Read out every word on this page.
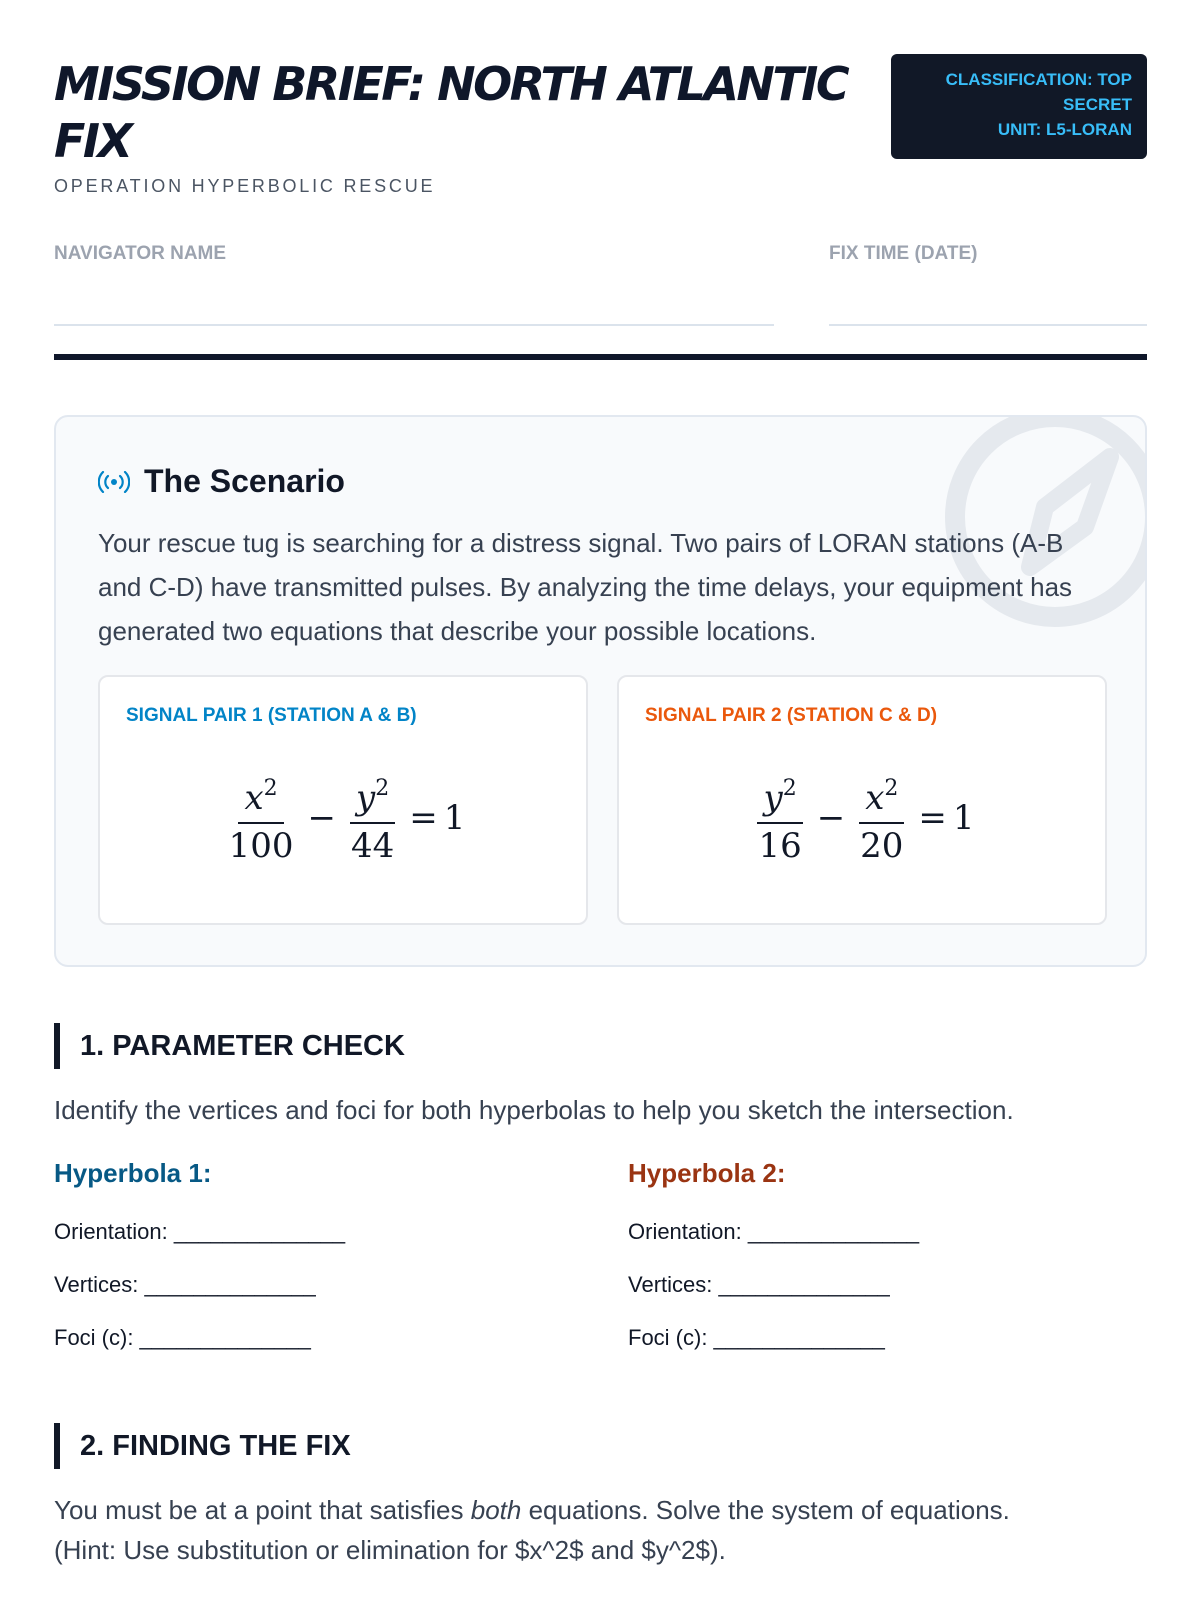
MISSION BRIEF: NORTH ATLANTIC FIX
OPERATION HYPERBOLIC RESCUE
CLASSIFICATION: TOP
SECRET
UNIT: L5-LORAN
NAVIGATOR NAME	FIX TIME (DATE)
The Scenario
Your rescue tug is searching for a distress signal. Two pairs of LORAN stations (A-B and C-D) have transmitted pulses. By analyzing the time delays, your equipment has generated two equations that describe your possible locations.
SIGNAL PAIR 1 (STATION A & B)
$\frac{x^2}{100} - \frac{y^2}{44} = 1$
SIGNAL PAIR 2 (STATION C & D)
$\frac{y^2}{16} - \frac{x^2}{20} = 1$
1. PARAMETER CHECK
Identify the vertices and foci for both hyperbolas to help you sketch the intersection.
Hyperbola 1:
Orientation: ______________
Vertices: ______________
Foci (c): ______________
Hyperbola 2:
Orientation: ______________
Vertices: ______________
Foci (c): ______________
2. FINDING THE FIX
You must be at a point that satisfies both equations. Solve the system of equations.
(Hint: Use substitution or elimination for $x^2$ and $y^2$).
